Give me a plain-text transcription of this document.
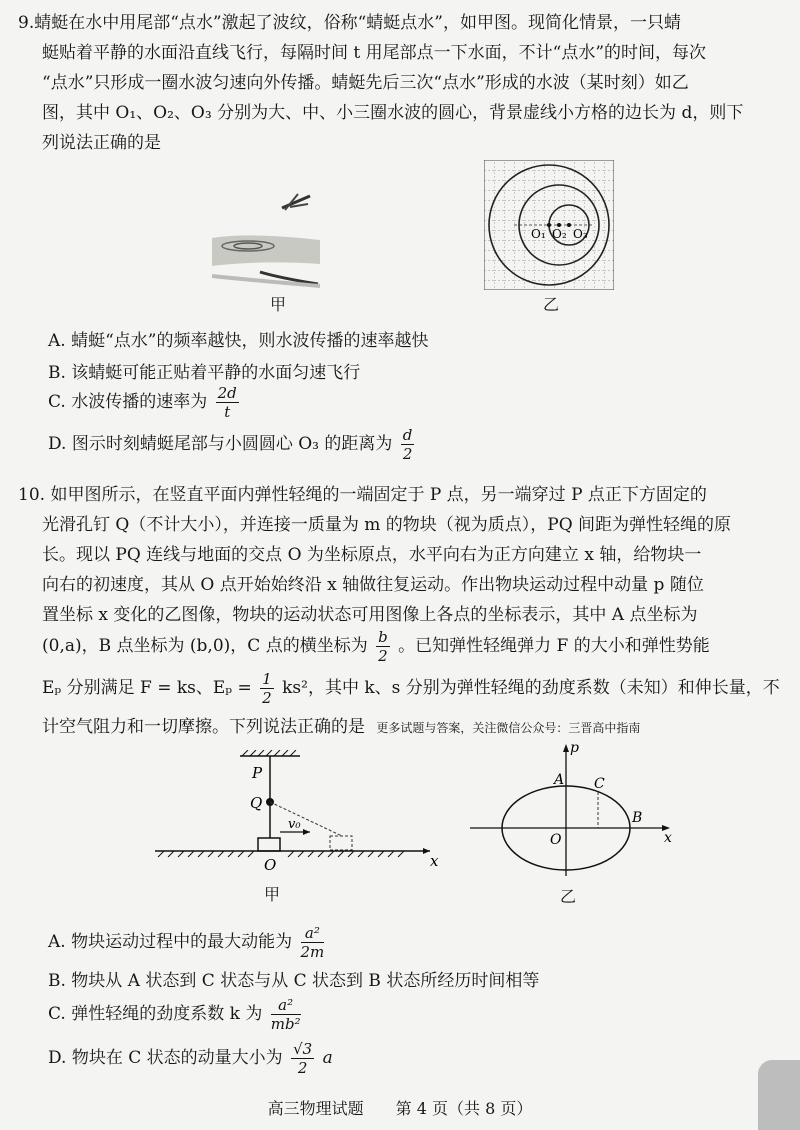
9.蜻蜓在水中用尾部“点水”激起了波纹，俗称“蜻蜓点水”，如甲图。现简化情景，一只蜻
蜓贴着平静的水面沿直线飞行，每隔时间 t 用尾部点一下水面，不计“点水”的时间，每次
“点水”只形成一圈水波匀速向外传播。蜻蜓先后三次“点水”形成的水波（某时刻）如乙
图，其中 O₁、O₂、O₃ 分别为大、中、小三圈水波的圆心，背景虚线小方格的边长为 d，则下
列说法正确的是
甲
O₁ O₂ O₃
乙
A. 蜻蜓“点水”的频率越快，则水波传播的速率越快
B. 该蜻蜓可能正贴着平静的水面匀速飞行
C. 水波传播的速率为 $\frac{2d}{t}$
D. 图示时刻蜻蜓尾部与小圆圆心 O₃ 的距离为 $\frac{d}{2}$
10. 如甲图所示，在竖直平面内弹性轻绳的一端固定于 P 点，另一端穿过 P 点正下方固定的
光滑孔钉 Q（不计大小），并连接一质量为 m 的物块（视为质点），PQ 间距为弹性轻绳的原
长。现以 PQ 连线与地面的交点 O 为坐标原点，水平向右为正方向建立 x 轴，给物块一
向右的初速度，其从 O 点开始始终沿 x 轴做往复运动。作出物块运动过程中动量 p 随位
置坐标 x 变化的乙图像，物块的运动状态可用图像上各点的坐标表示，其中 A 点坐标为
(0,a)，B 点坐标为 (b,0)，C 点的横坐标为 $\frac{b}{2}$ 。已知弹性轻绳弹力 F 的大小和弹性势能
Eₚ 分别满足 F = ks、$E_p = \frac{1}{2} ks^2$，其中 k、s 分别为弹性轻绳的劲度系数（未知）和伸长量，不
计空气阻力和一切摩擦。下列说法正确的是 更多试题与答案，关注微信公众号：三晋高中指南
P
Q
v₀
O	x
甲
p
A C
B
O	x
乙
A. 物块运动过程中的最大动能为 $\frac{\text{a²}}{2m}$
B. 物块从 A 状态到 C 状态与从 C 状态到 B 状态所经历时间相等
C. 弹性轻绳的劲度系数 k 为 $\frac{\text{a²}}{\text{mb²}}$
D. 物块在 C 状态的动量大小为 $\frac{√3}{2}$ a
高三物理试题　　第 4 页（共 8 页）
